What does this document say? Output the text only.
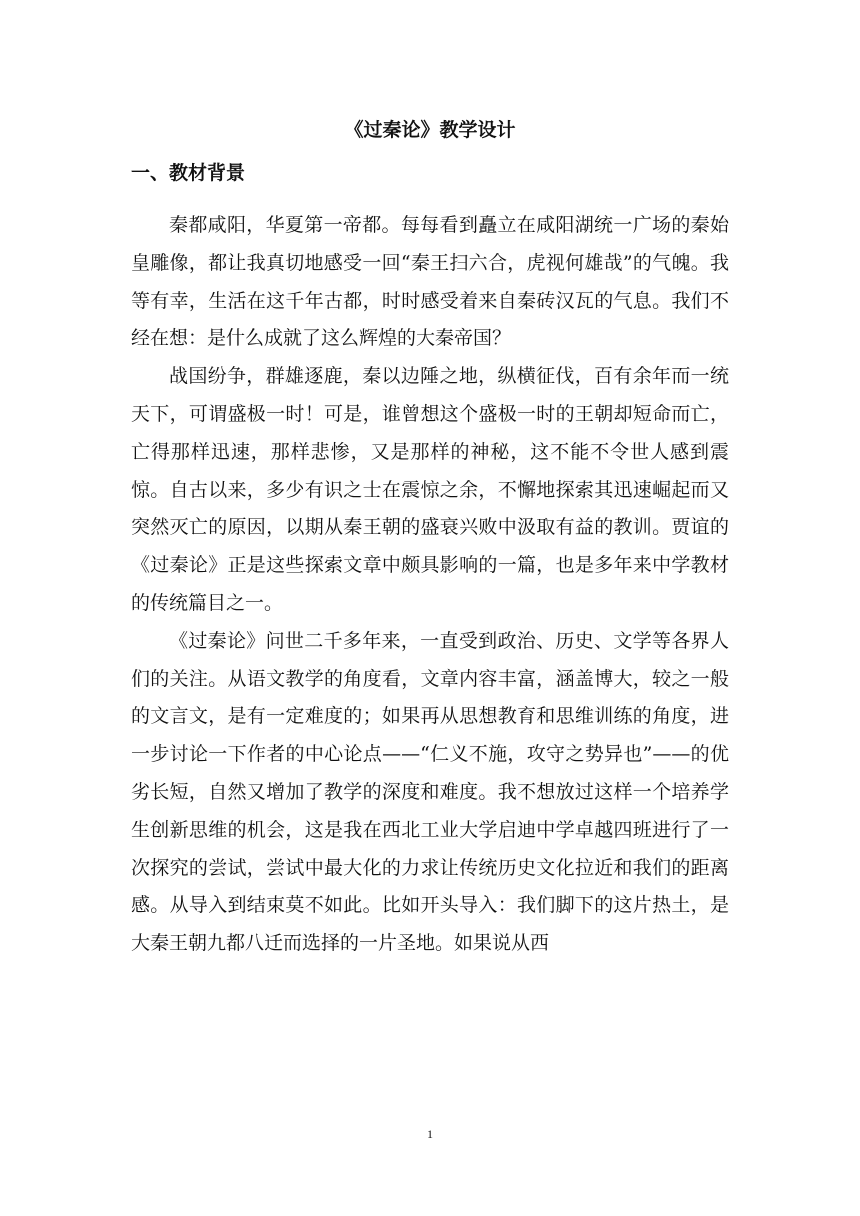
《过秦论》教学设计
一、教材背景

秦都咸阳，华夏第一帝都。每每看到矗立在咸阳湖统一广场的秦始皇雕像，都让我真切地感受一回“秦王扫六合，虎视何雄哉”的气魄。我等有幸，生活在这千年古都，时时感受着来自秦砖汉瓦的气息。我们不经在想：是什么成就了这么辉煌的大秦帝国？

战国纷争，群雄逐鹿，秦以边陲之地，纵横征伐，百有余年而一统天下，可谓盛极一时！可是，谁曾想这个盛极一时的王朝却短命而亡，亡得那样迅速，那样悲惨，又是那样的神秘，这不能不令世人感到震惊。自古以来，多少有识之士在震惊之余，不懈地探索其迅速崛起而又突然灭亡的原因，以期从秦王朝的盛衰兴败中汲取有益的教训。贾谊的《过秦论》正是这些探索文章中颇具影响的一篇，也是多年来中学教材的传统篇目之一。

《过秦论》问世二千多年来，一直受到政治、历史、文学等各界人们的关注。从语文教学的角度看，文章内容丰富，涵盖博大，较之一般的文言文，是有一定难度的；如果再从思想教育和思维训练的角度，进一步讨论一下作者的中心论点——“仁义不施，攻守之势异也”——的优劣长短，自然又增加了教学的深度和难度。我不想放过这样一个培养学生创新思维的机会，这是我在西北工业大学启迪中学卓越四班进行了一次探究的尝试，尝试中最大化的力求让传统历史文化拉近和我们的距离感。从导入到结束莫不如此。比如开头导入：我们脚下的这片热土，是大秦王朝九都八迁而选择的一片圣地。如果说从西

1
